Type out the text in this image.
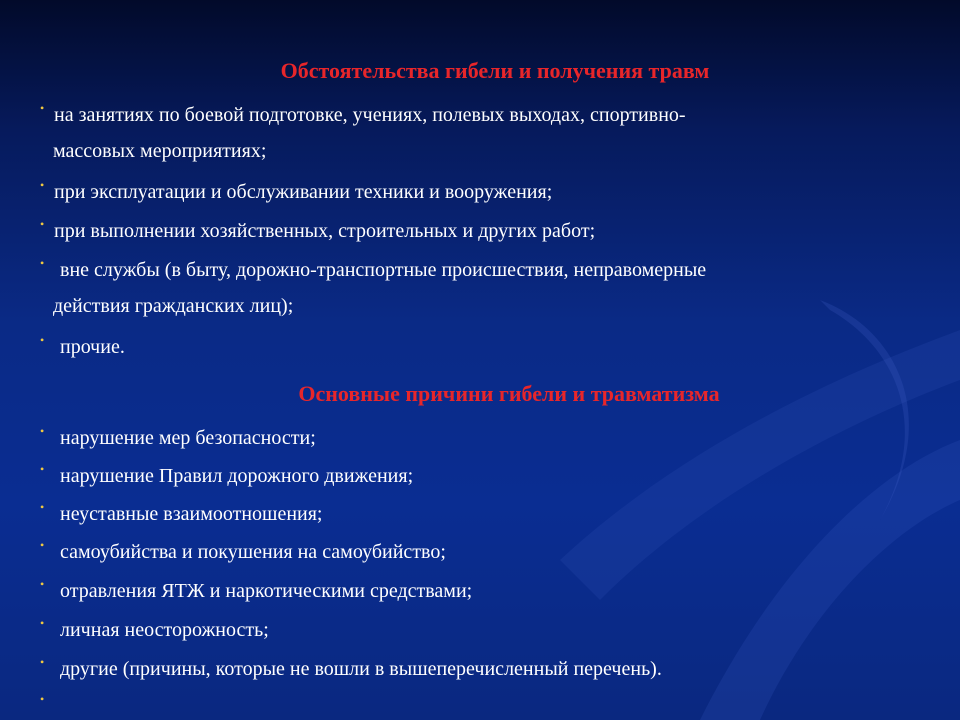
Обстоятельства гибели и получения травм
• на занятиях по боевой подготовке, учениях, полевых выходах, спортивно-
массовых мероприятиях;
• при эксплуатации и обслуживании техники и вооружения;
• при выполнении хозяйственных, строительных и других работ;
• вне службы (в быту, дорожно-транспортные происшествия, неправомерные
действия гражданских лиц);
• прочие.
Основные причини гибели и травматизма
• нарушение мер безопасности;
• нарушение Правил дорожного движения;
• неуставные взаимоотношения;
• самоубийства и покушения на самоубийство;
• отравления ЯТЖ и наркотическими средствами;
• личная неосторожность;
• другие (причины, которые не вошли в вышеперечисленный перечень).
•
